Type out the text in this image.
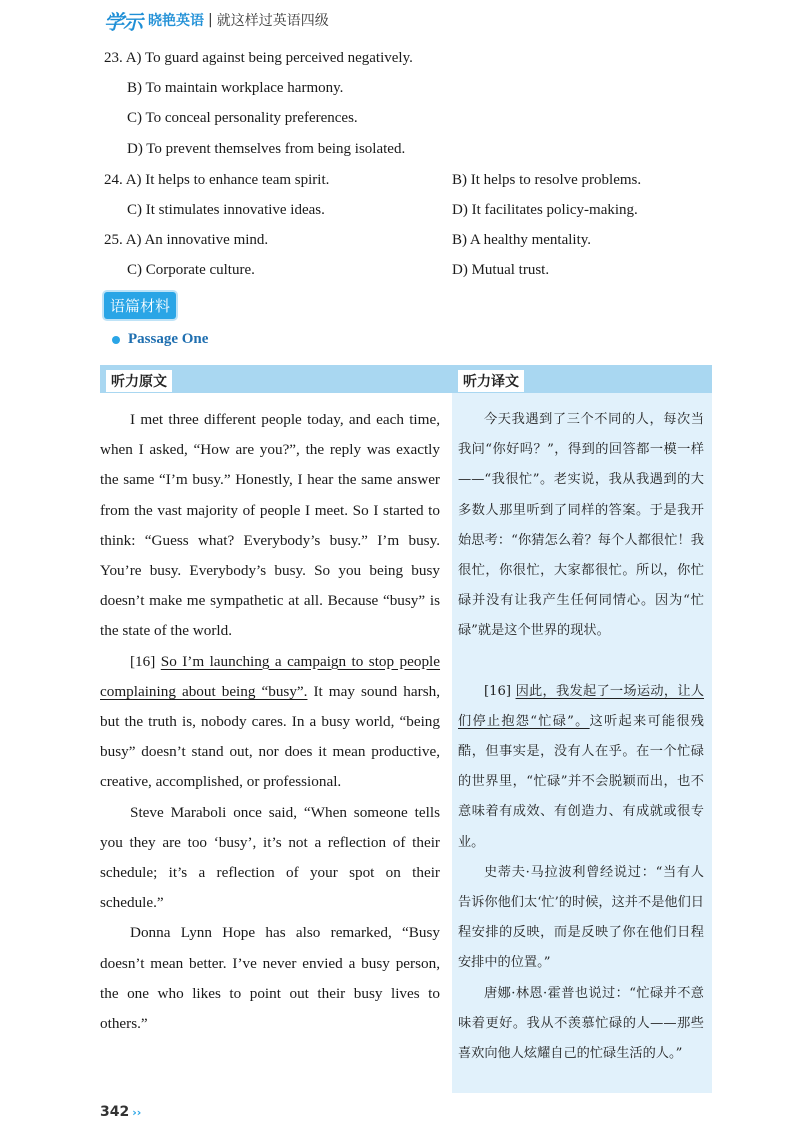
学示 晓艳英语 | 就这样过英语四级
23. A) To guard against being perceived negatively.
B) To maintain workplace harmony.
C) To conceal personality preferences.
D) To prevent themselves from being isolated.
24. A) It helps to enhance team spirit.	B) It helps to resolve problems.
C) It stimulates innovative ideas.	D) It facilitates policy-making.
25. A) An innovative mind.	B) A healthy mentality.
C) Corporate culture.	D) Mutual trust.
语篇材料
Passage One
听力原文	听力译文

I met three different people today, and each time, when I asked, “How are you?”, the reply was exactly the same “I’m busy.” Honestly, I hear the same answer from the vast majority of people I meet. So I started to think: “Guess what? Everybody’s busy.” I’m busy. You’re busy. Everybody’s busy. So you being busy doesn’t make me sympathetic at all. Because “busy” is the state of the world.

[16] So I’m launching a campaign to stop people complaining about being “busy”. It may sound harsh, but the truth is, nobody cares. In a busy world, “being busy” doesn’t stand out, nor does it mean productive, creative, accomplished, or professional.

Steve Maraboli once said, “When someone tells you they are too ‘busy’, it’s not a reflection of their schedule; it’s a reflection of your spot on their schedule.”

Donna Lynn Hope has also remarked, “Busy doesn’t mean better. I’ve never envied a busy person, the one who likes to point out their busy lives to others.”

今天我遇到了三个不同的人，每次当我问“你好吗？”，得到的回答都一模一样——“我很忙”。老实说，我从我遇到的大多数人那里听到了同样的答案。于是我开始思考：“你猜怎么着？每个人都很忙！我很忙，你很忙，大家都很忙。所以，你忙碌并没有让我产生任何同情心。因为“忙碌”就是这个世界的现状。

[16] 因此，我发起了一场运动，让人们停止抱怨“忙碌”。这听起来可能很残酷，但事实是，没有人在乎。在一个忙碌的世界里，“忙碌”并不会脱颖而出，也不意味着有成效、有创造力、有成就或很专业。

史蒂夫·马拉波利曾经说过：“当有人告诉你他们太‘忙’的时候，这并不是他们日程安排的反映，而是反映了你在他们日程安排中的位置。”

唐娜·林恩·霍普也说过：“忙碌并不意味着更好。我从不羡慕忙碌的人——那些喜欢向他人炫耀自己的忙碌生活的人。”

342 ››
